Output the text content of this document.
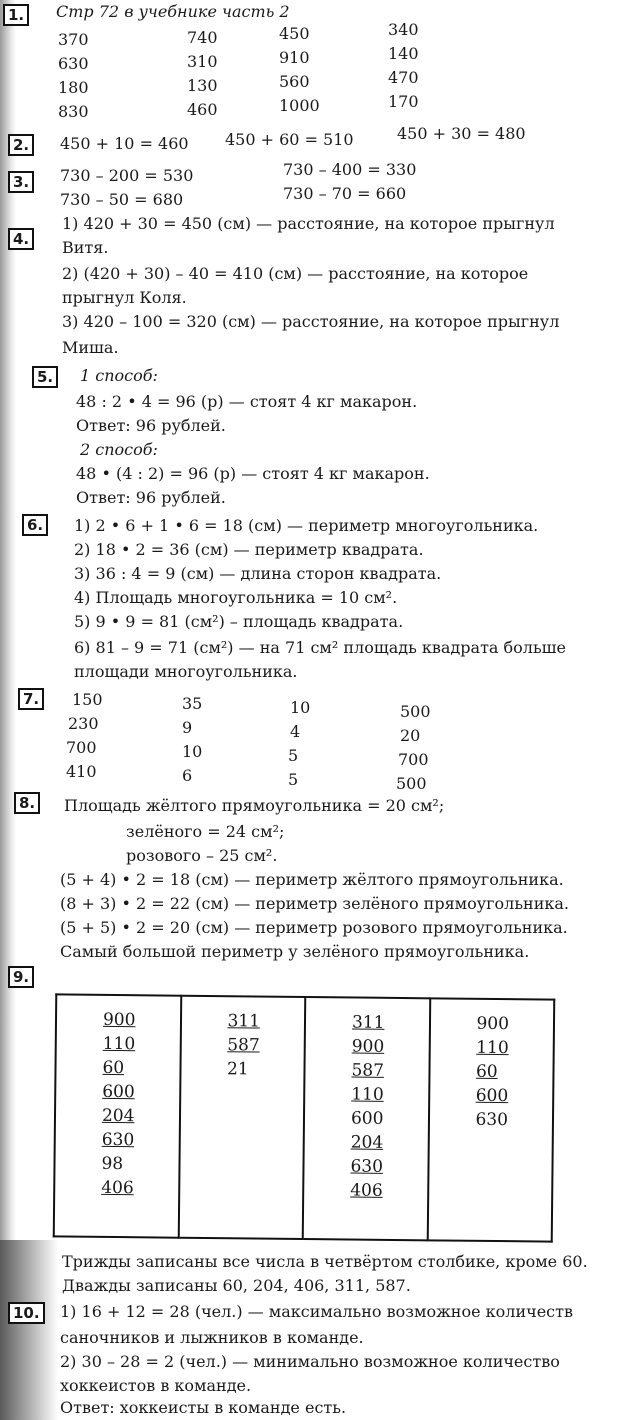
1.	Стр 72 в учебнике часть 2
370	740	450	340
630	310	910	140
180	130	560	470
830	460	1000	170
2.	450 + 10 = 460 450 + 60 = 510	450 + 30 = 480
3.	730 – 200 = 530	730 – 400 = 330
730 – 50 = 680	730 – 70 = 660
4.
1) 420 + 30 = 450 (см) — расстояние, на которое прыгнул
Витя.
2) (420 + 30) – 40 = 410 (см) — расстояние, на которое
прыгнул Коля.
3) 420 – 100 = 320 (см) — расстояние, на которое прыгнул
Миша.
5.	1 способ:
48 : 2 • 4 = 96 (р) — стоят 4 кг макарон.
Ответ: 96 рублей.
2 способ:
48 • (4 : 2) = 96 (р) — стоят 4 кг макарон.
Ответ: 96 рублей.
6.	1) 2 • 6 + 1 • 6 = 18 (см) — периметр многоугольника.
2) 18 • 2 = 36 (см) — периметр квадрата.
3) 36 : 4 = 9 (см) — длина сторон квадрата.
4) Площадь многоугольника = 10 см².
5) 9 • 9 = 81 (см²) – площадь квадрата.
6) 81 – 9 = 71 (см²) — на 71 см² площадь квадрата больше
площади многоугольника.
7.	150	35	10	500
230	9	4	20
700	10	5	700
410	6	5	500
8.	Площадь жёлтого прямоугольника = 20 см²;
зелёного = 24 см²;
розового – 25 см².
(5 + 4) • 2 = 18 (см) — периметр жёлтого прямоугольника.
(8 + 3) • 2 = 22 (см) — периметр зелёного прямоугольника.
(5 + 5) • 2 = 20 (см) — периметр розового прямоугольника.
Самый большой периметр у зелёного прямоугольника.
9.
900
110
60
600
204
630
98
406

311
587
21

311
900
587
110
600
204
630
406

900
110
60
600
630
Трижды записаны все числа в четвёртом столбике, кроме 60.
Дважды записаны 60, 204, 406, 311, 587.
10.	1) 16 + 12 = 28 (чел.) — максимально возможное количеств
саночников и лыжников в команде.
2) 30 – 28 = 2 (чел.) — минимально возможное количество
хоккеистов в команде.
Ответ: хоккеисты в команде есть.
